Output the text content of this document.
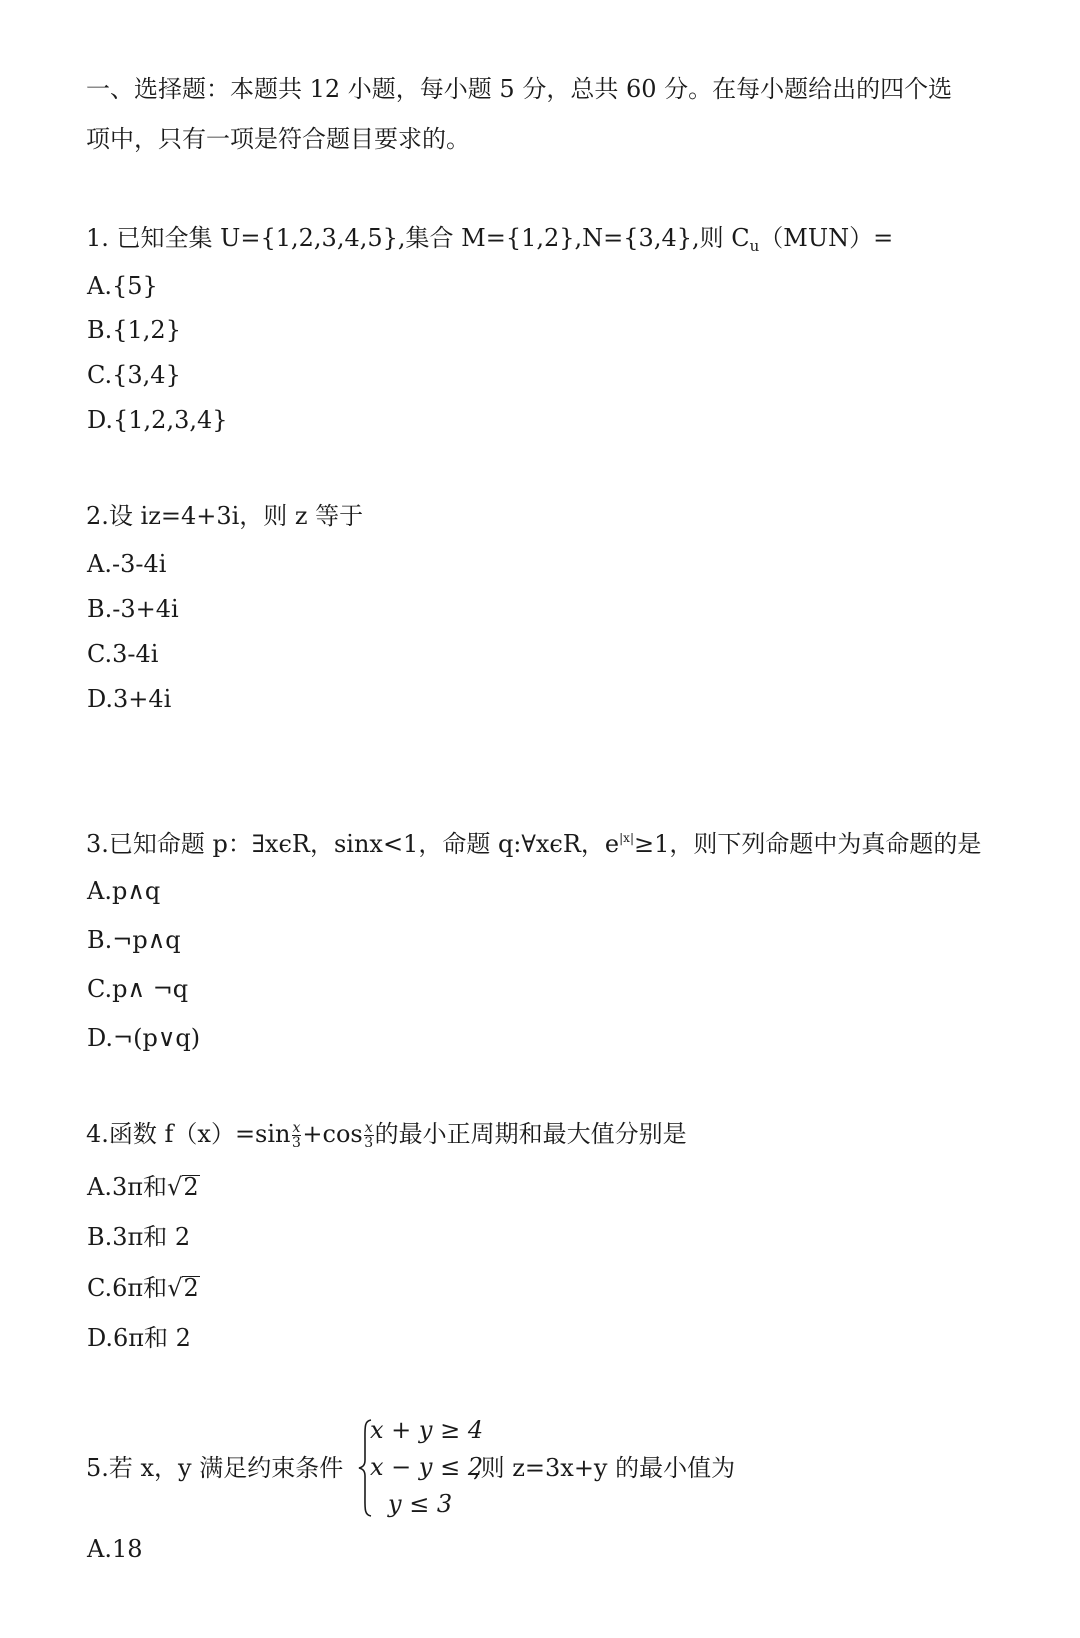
一、选择题：本题共 12 小题，每小题 5 分，总共 60 分。在每小题给出的四个选
项中，只有一项是符合题目要求的。
1. 已知全集 U={1,2,3,4,5},集合 M={1,2},N={3,4},则 $C_u(MUN)=$
A.{5}
B.{1,2}
C.{3,4}
D.{1,2,3,4}
2.设 iz=4+3i，则 z 等于
A.-3-4i
B.-3+4i
C.3-4i
D.3+4i
3.已知命题 p：∃xϵR，sinx<1，命题 q:∀xϵR，$e^{|x|}\ge 1$，则下列命题中为真命题的是
A.p∧q
B.¬p∧q
C.p∧ ¬q
D.¬(p∨q)
4.函数 $f(x)=\sin \frac{x}{3} +\cos \frac{x}{3}$ 的最小正周期和最大值分别是
A.3π和√2
B.3π和 2
C.6π和√2
D.6π和 2
5.若 x，y 满足约束条件
x + y ≥ 4
x − y ≤ 2
y ≤ 3
,则 z=3x+y 的最小值为
A.18
